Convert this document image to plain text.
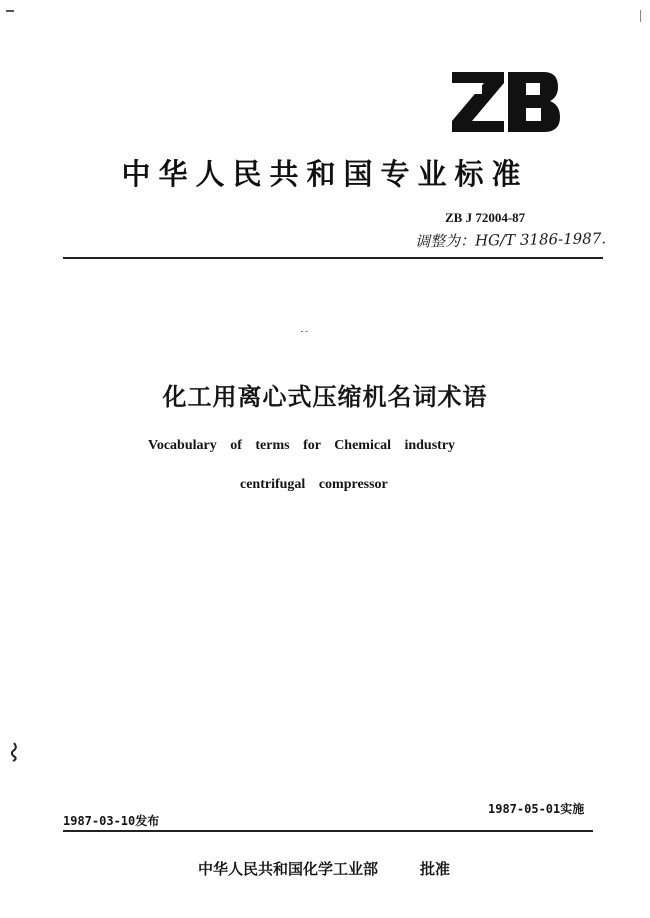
中华人民共和国专业标准
ZB J 72004-87
调整为：HG/T 3186-1987.
化工用离心式压缩机名词术语
Vocabulary of terms for Chemical industry
centrifugal compressor
1987-03-10发布
1987-05-01实施
中华人民共和国化学工业部	批准
